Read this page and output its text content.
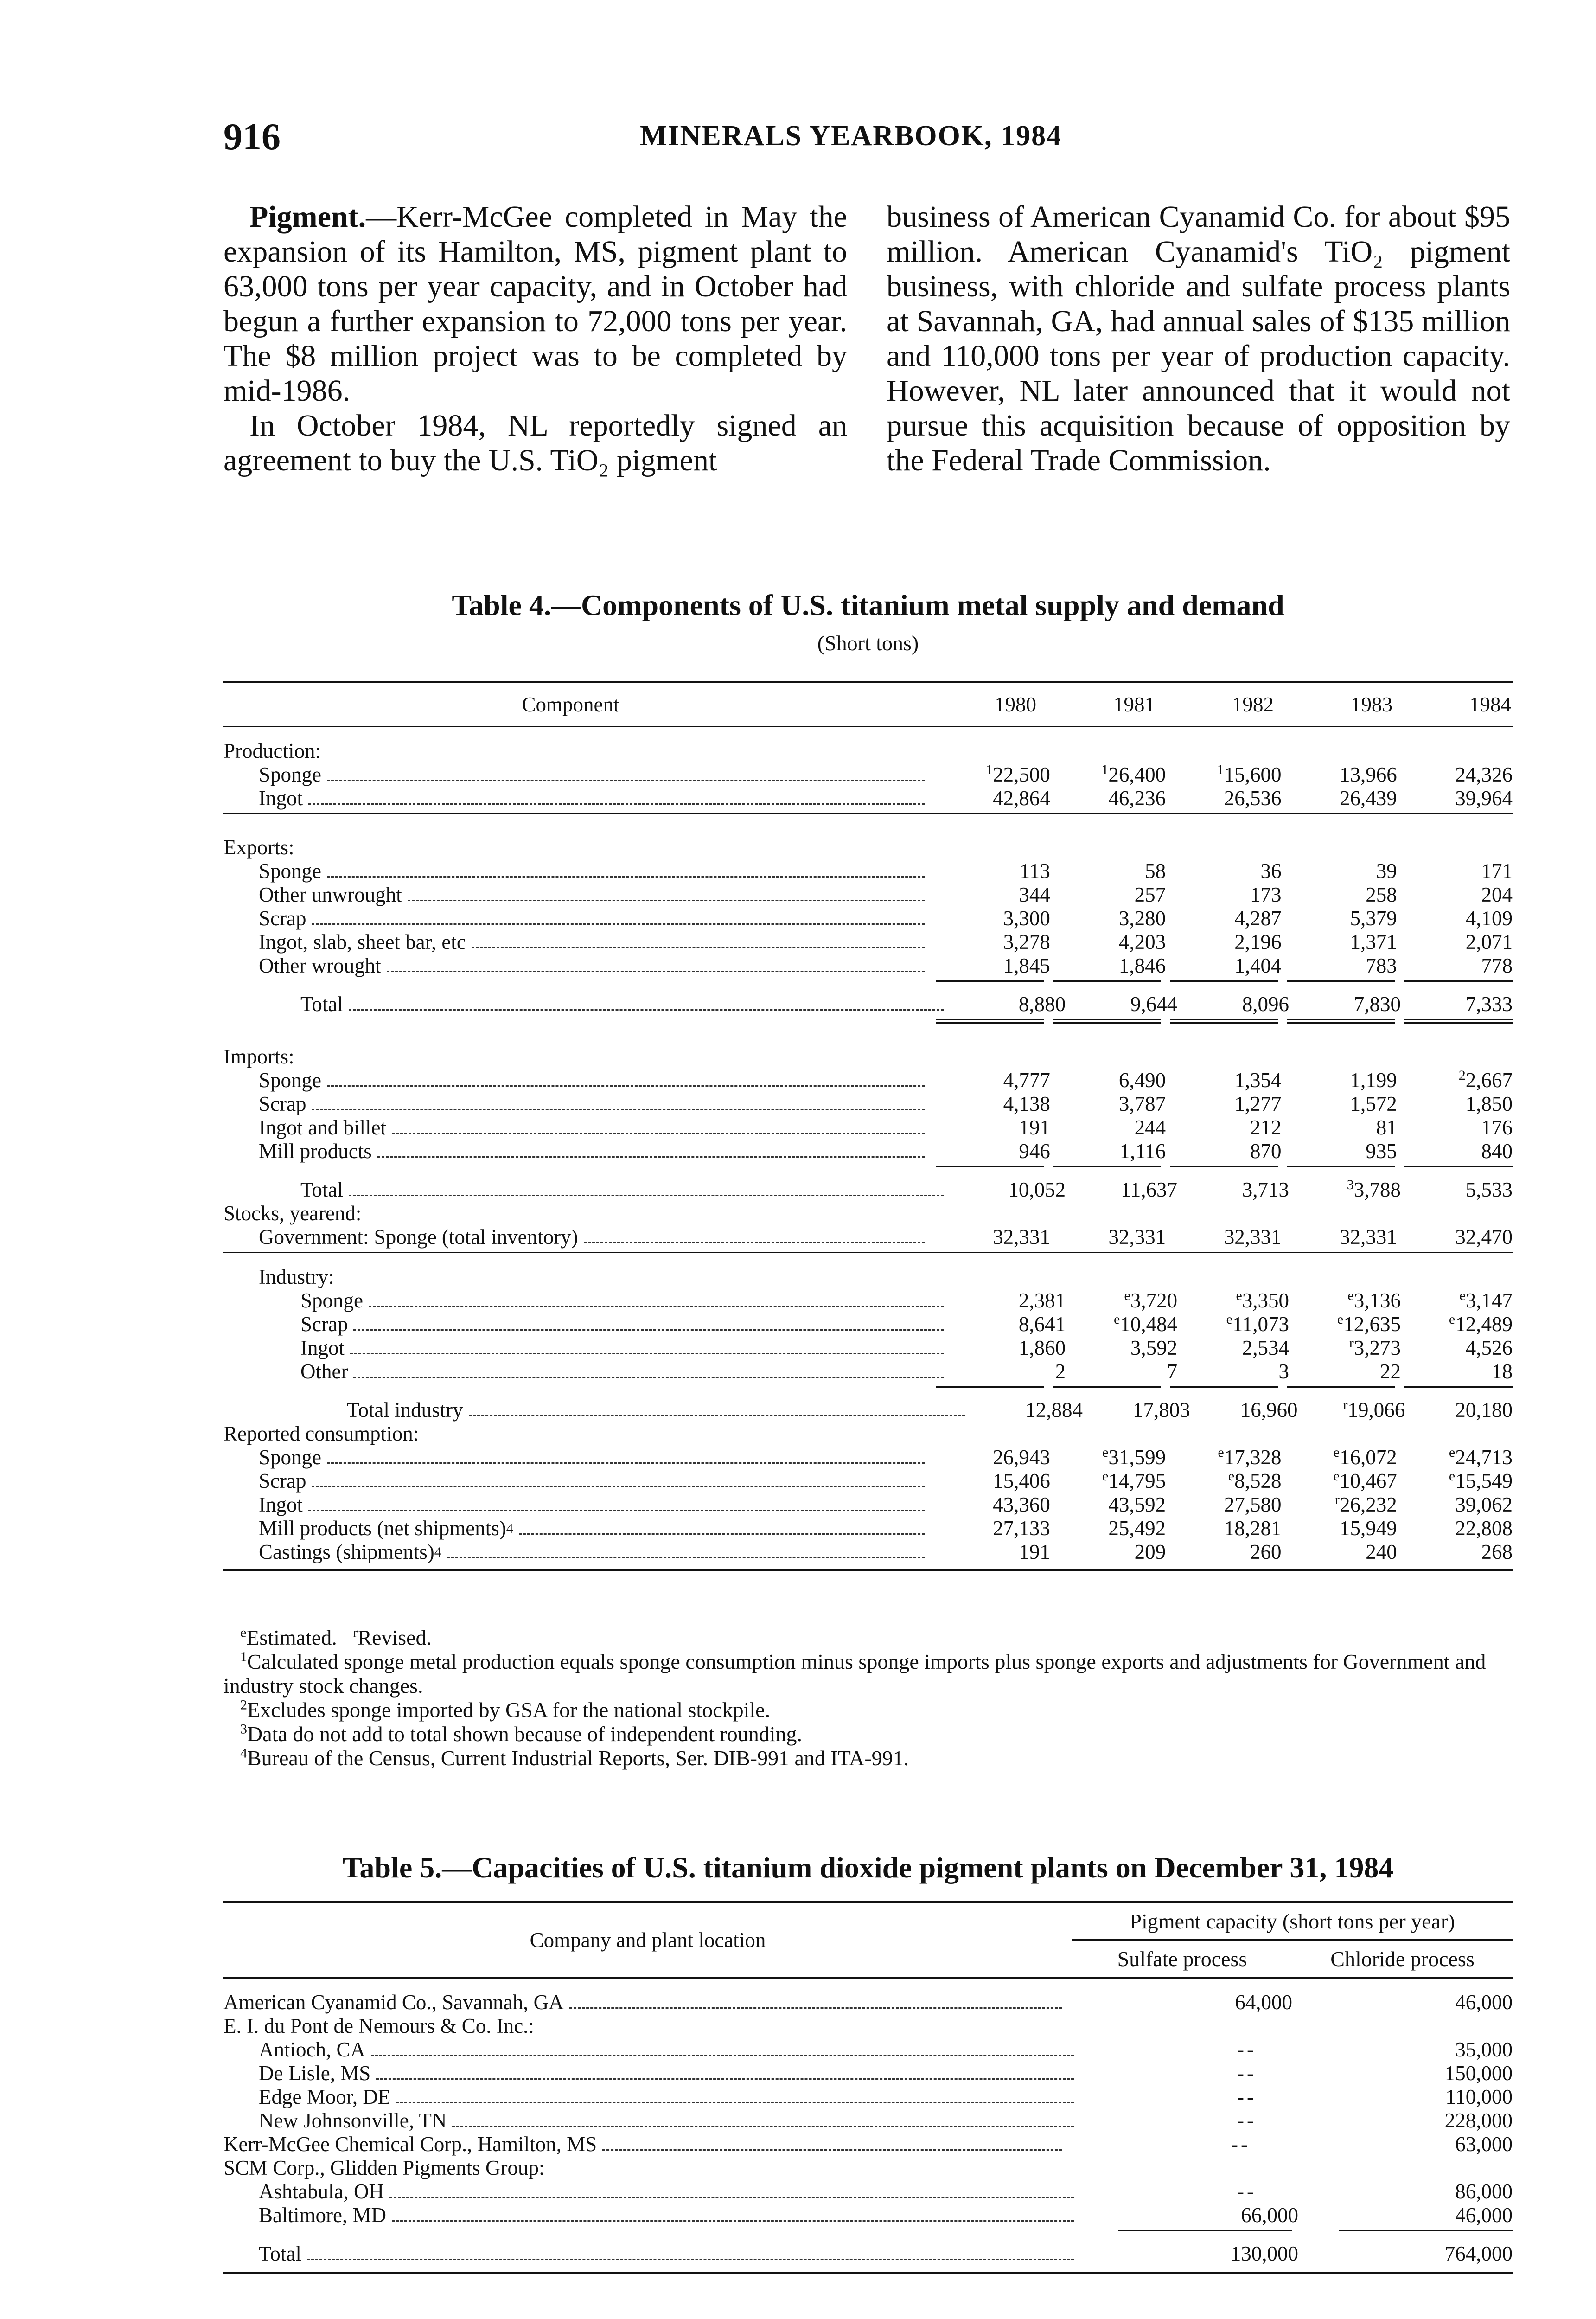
916	MINERALS YEARBOOK, 1984

Pigment.—Kerr-McGee completed in May the expansion of its Hamilton, MS, pigment plant to 63,000 tons per year capacity, and in October had begun a further expansion to 72,000 tons per year. The $8 million project was to be completed by mid-1986.

In October 1984, NL reportedly signed an agreement to buy the U.S. TiO₂ pigment

business of American Cyanamid Co. for about $95 million. American Cyanamid's TiO₂ pigment business, with chloride and sulfate process plants at Savannah, GA, had annual sales of $135 million and 110,000 tons per year of production capacity. However, NL later announced that it would not pursue this acquisition because of opposition by the Federal Trade Commission.

Table 4.—Components of U.S. titanium metal supply and demand
(Short tons)
Component	1980	1981	1982	1983	1984
Production:
Sponge	$^1$22,500	$^1$26,400	$^1$15,600	13,966	24,326
Ingot	42,864	46,236	26,536	26,439	39,964
Exports:
Sponge	113	58	36	39	171
Other unwrought	344	257	173	258	204
Scrap	3,300	3,280	4,287	5,379	4,109
Ingot, slab, sheet bar, etc	3,278	4,203	2,196	1,371	2,071
Other wrought	1,845	1,846	1,404	783	778
Total	8,880	9,644	8,096	7,830	7,333
Imports:
Sponge	4,777	6,490	1,354	1,199	$^2$2,667
Scrap	4,138	3,787	1,277	1,572	1,850
Ingot and billet	191	244	212	81	176
Mill products	946	1,116	870	935	840
Total	10,052	11,637	3,713	$^3$3,788	5,533
Stocks, yearend:
Government: Sponge (total inventory)	32,331	32,331	32,331	32,331	32,470
Industry:
Sponge	2,381	$^e$3,720	$^e$3,350	$^e$3,136	$^e$3,147
Scrap	8,641	$^e$10,484	$^e$11,073	$^e$12,635	$^e$12,489
Ingot	1,860	3,592	2,534	$^r$3,273	4,526
Other	2	7	3	22	18
Total industry	12,884	17,803	16,960	$^r$19,066	20,180
Reported consumption:
Sponge	26,943	$^e$31,599	$^e$17,328	$^e$16,072	$^e$24,713
Scrap	15,406	$^e$14,795	$^e$8,528	$^e$10,467	$^e$15,549
Ingot	43,360	43,592	27,580	$^r$26,232	39,062
Mill products (net shipments) 4	27,133	25,492	18,281	15,949	22,808
Castings (shipments) 4	191	209	260	240	268
$^e$Estimated. $^r$Revised.
$^1$Calculated sponge metal production equals sponge consumption minus sponge imports plus sponge exports and adjustments for Government and industry stock changes.
$^2$Excludes sponge imported by GSA for the national stockpile.
$^3$Data do not add to total shown because of independent rounding.
$^4$Bureau of the Census, Current Industrial Reports, Ser. DIB-991 and ITA-991.
Table 5.—Capacities of U.S. titanium dioxide pigment plants on December 31, 1984
Company and plant location
Pigment capacity (short tons per year)
Sulfate process	Chloride process
American Cyanamid Co., Savannah, GA	64,000	46,000
E. I. du Pont de Nemours & Co. Inc.:
Antioch, CA	--	35,000
De Lisle, MS	--	150,000
Edge Moor, DE	--	110,000
New Johnsonville, TN	--	228,000
Kerr-McGee Chemical Corp., Hamilton, MS	--	63,000
SCM Corp., Glidden Pigments Group:
Ashtabula, OH	--	86,000
Baltimore, MD	66,000	46,000
Total	130,000	764,000
